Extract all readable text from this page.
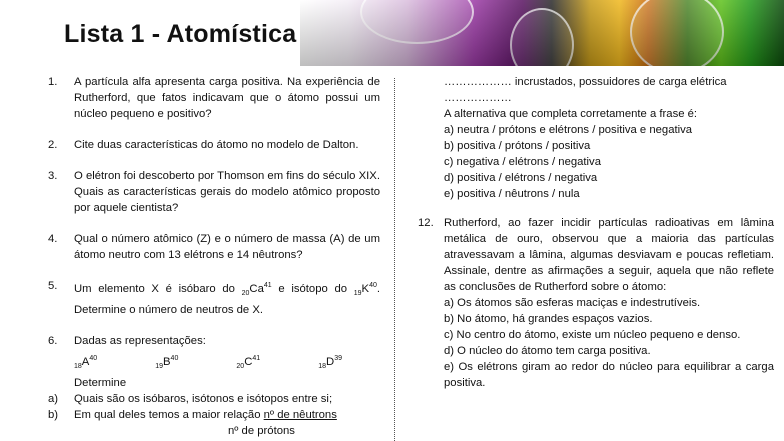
Lista 1 - Atomística
1.	A partícula alfa apresenta carga positiva. Na experiência de Rutherford, que fatos indicavam que o átomo possui um núcleo pequeno e positivo?
2.	Cite duas características do átomo no modelo de Dalton.
3.	O elétron foi descoberto por Thomson em fins do século XIX. Quais as características gerais do modelo atômico proposto por aquele cientista?
4.	Qual o número atômico (Z) e o número de massa (A) de um átomo neutro com 13 elétrons e 14 nêutrons?
5.	Um elemento X é isóbaro do $_{20}Ca^{41}$ e isótopo do $_{19}K^{40}$. Determine o número de neutros de X.
6.	Dadas as representações:
$_{18}A^{40}$
$_{19}B^{40}$
$_{20}C^{41}$
$_{18}D^{39}$
Determine
a)	Quais são os isóbaros, isótonos e isótopos entre si;
b)	Em qual deles temos a maior relação nº de nêutrons
nº de prótons
……………… incrustados, possuidores de carga elétrica
………………
A alternativa que completa corretamente a frase é:
a) neutra / prótons e elétrons / positiva e negativa
b) positiva / prótons / positiva
c) negativa / elétrons / negativa
d) positiva / elétrons / negativa
e) positiva / nêutrons / nula
12. Rutherford, ao fazer incidir partículas radioativas em lâmina metálica de ouro, observou que a maioria das partículas atravessavam a lâmina, algumas desviavam e poucas refletiam. Assinale, dentre as afirmações a seguir, aquela que não reflete as conclusões de Rutherford sobre o átomo:
a) Os átomos são esferas maciças e indestrutíveis.
b) No átomo, há grandes espaços vazios.
c) No centro do átomo, existe um núcleo pequeno e denso.
d) O núcleo do átomo tem carga positiva.
e) Os elétrons giram ao redor do núcleo para equilibrar a carga positiva.
